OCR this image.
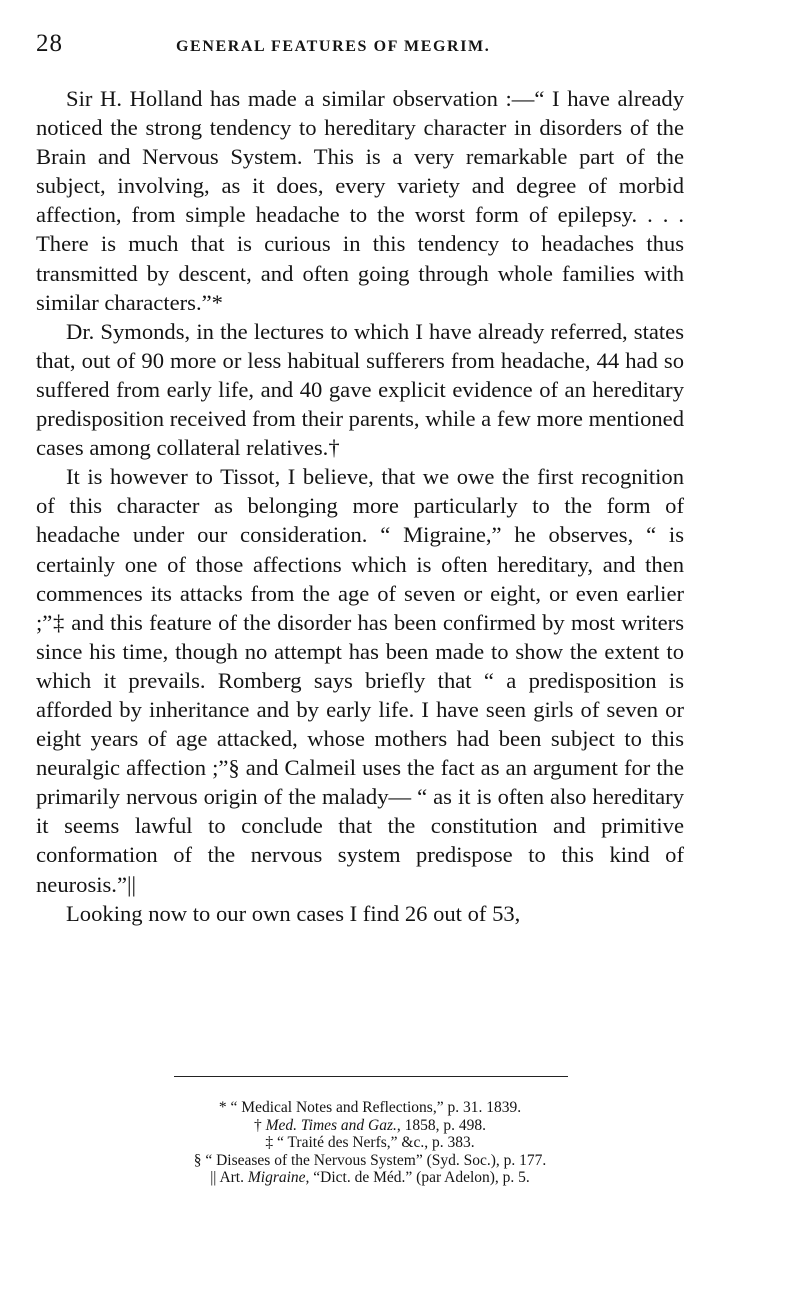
28	GENERAL FEATURES OF MEGRIM.

Sir H. Holland has made a similar observation :—“ I have already noticed the strong tendency to hereditary character in disorders of the Brain and Nervous System. This is a very remarkable part of the subject, involving, as it does, every variety and degree of morbid affection, from simple headache to the worst form of epilepsy. . . . There is much that is curious in this tendency to headaches thus transmitted by descent, and often going through whole families with similar characters.”*

Dr. Symonds, in the lectures to which I have already referred, states that, out of 90 more or less habitual sufferers from headache, 44 had so suffered from early life, and 40 gave explicit evidence of an hereditary predisposition received from their parents, while a few more mentioned cases among collateral relatives.†

It is however to Tissot, I believe, that we owe the first recognition of this character as belonging more particularly to the form of headache under our consideration. “ Migraine,” he observes, “ is certainly one of those affections which is often hereditary, and then commences its attacks from the age of seven or eight, or even earlier ;”‡ and this feature of the disorder has been confirmed by most writers since his time, though no attempt has been made to show the extent to which it prevails. Romberg says briefly that “ a predisposition is afforded by inheritance and by early life. I have seen girls of seven or eight years of age attacked, whose mothers had been subject to this neuralgic affection ;”§ and Calmeil uses the fact as an argument for the primarily nervous origin of the malady— “ as it is often also hereditary it seems lawful to conclude that the constitution and primitive conformation of the nervous system predispose to this kind of neurosis.”||

Looking now to our own cases I find 26 out of 53,

* “ Medical Notes and Reflections,” p. 31. 1839.
† Med. Times and Gaz., 1858, p. 498.
‡ “ Traité des Nerfs,” &c., p. 383.
§ “ Diseases of the Nervous System” (Syd. Soc.), p. 177.
|| Art. Migraine, “Dict. de Méd.” (par Adelon), p. 5.
